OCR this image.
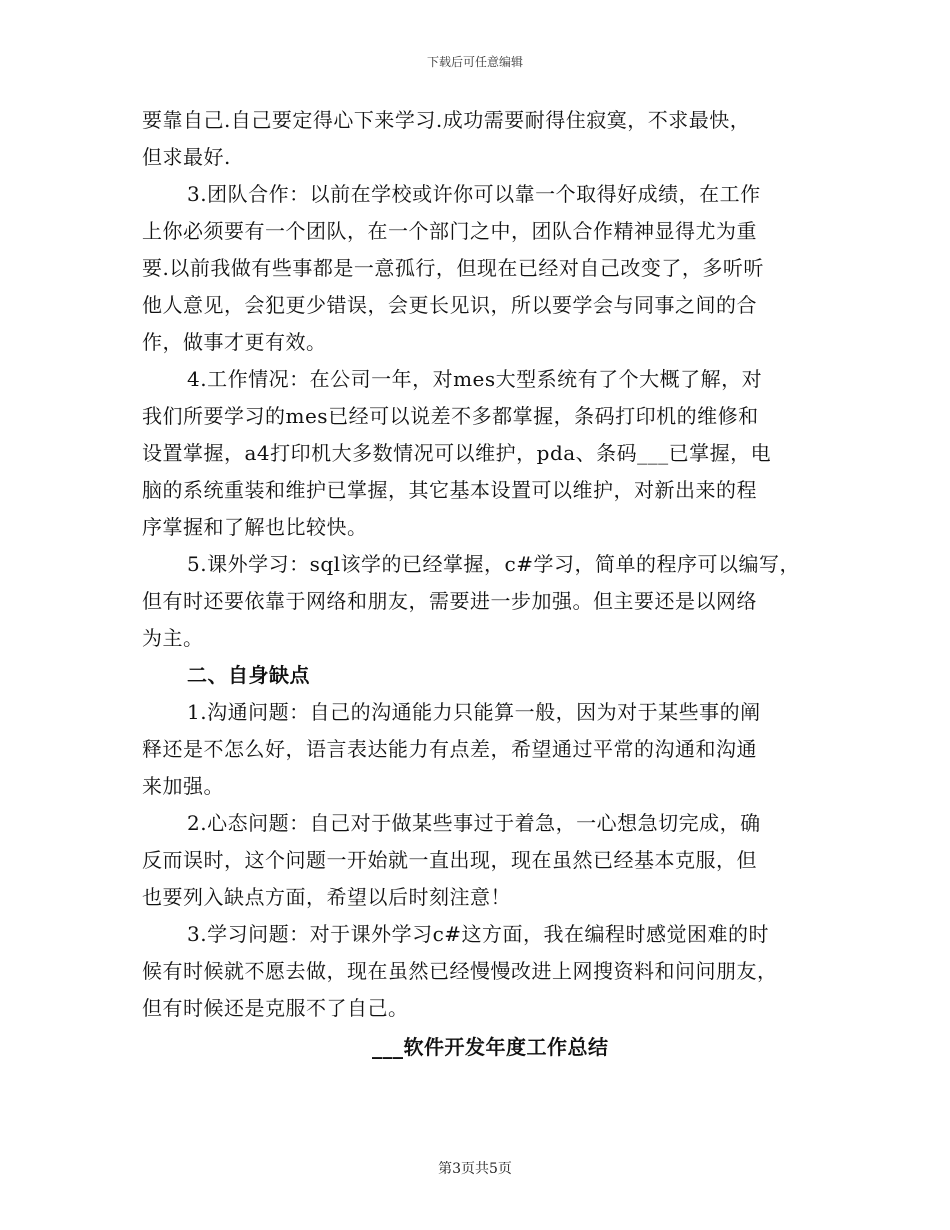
下载后可任意编辑
要靠自己.自己要定得心下来学习.成功需要耐得住寂寞，不求最快，
但求最好.
3.团队合作：以前在学校或许你可以靠一个取得好成绩，在工作
上你必须要有一个团队，在一个部门之中，团队合作精神显得尤为重
要.以前我做有些事都是一意孤行，但现在已经对自己改变了，多听听
他人意见，会犯更少错误，会更长见识，所以要学会与同事之间的合
作，做事才更有效。
4.工作情况：在公司一年，对mes大型系统有了个大概了解，对
我们所要学习的mes已经可以说差不多都掌握，条码打印机的维修和
设置掌握，a4打印机大多数情况可以维护，pda、条码___已掌握，电
脑的系统重装和维护已掌握，其它基本设置可以维护，对新出来的程
序掌握和了解也比较快。
5.课外学习：sql该学的已经掌握，c#学习，简单的程序可以编写，
但有时还要依靠于网络和朋友，需要进一步加强。但主要还是以网络
为主。
二、自身缺点
1.沟通问题：自己的沟通能力只能算一般，因为对于某些事的阐
释还是不怎么好，语言表达能力有点差，希望通过平常的沟通和沟通
来加强。
2.心态问题：自己对于做某些事过于着急，一心想急切完成，确
反而误时，这个问题一开始就一直出现，现在虽然已经基本克服，但
也要列入缺点方面，希望以后时刻注意！
3.学习问题：对于课外学习c#这方面，我在编程时感觉困难的时
候有时候就不愿去做，现在虽然已经慢慢改进上网搜资料和问问朋友，
但有时候还是克服不了自己。
___软件开发年度工作总结
第3页共5页
